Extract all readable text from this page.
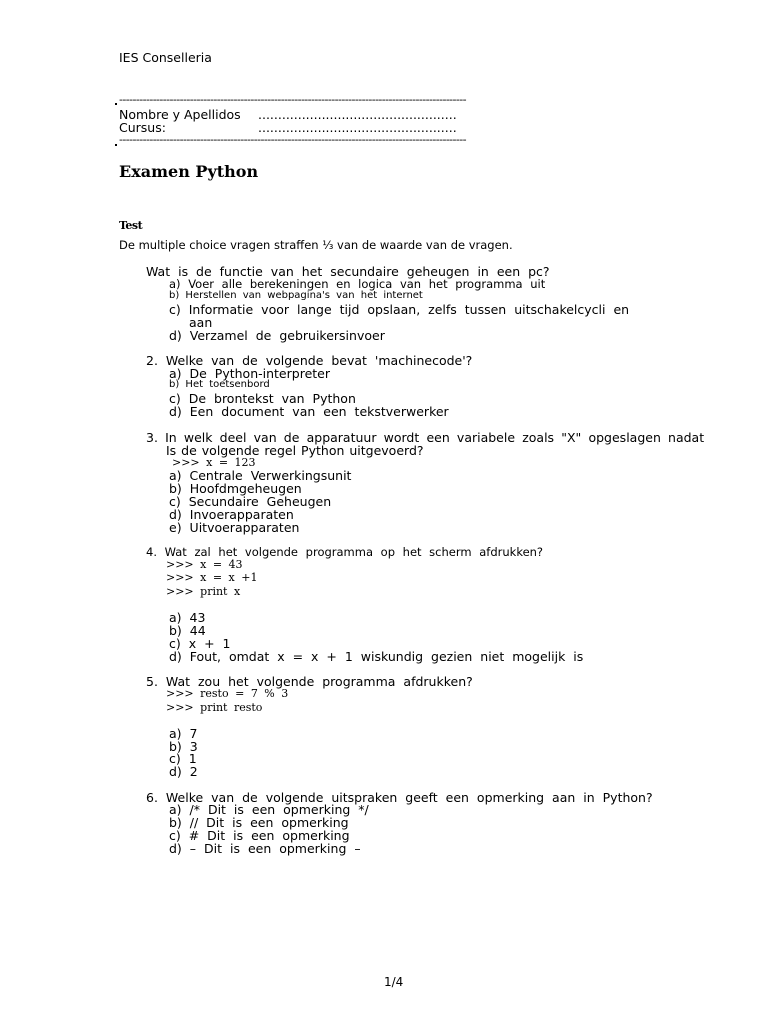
IES Conselleria
-------------------------------------------------------------------------------------------------------
Nombre y Apellidos ..................................................
Cursus:	..................................................
-------------------------------------------------------------------------------------------------------
Examen Python
Test
De multiple choice vragen straffen ⅓ van de waarde van de vragen.
Wat is de functie van het secundaire geheugen in een pc?
a) Voer alle berekeningen en logica van het programma uit
b) Herstellen van webpagina's van het internet
c) Informatie voor lange tijd opslaan, zelfs tussen uitschakelcycli en
aan
d) Verzamel de gebruikersinvoer
2. Welke van de volgende bevat 'machinecode'?
a) De Python-interpreter
b) Het toetsenbord
c) De brontekst van Python
d) Een document van een tekstverwerker
3. In welk deel van de apparatuur wordt een variabele zoals "X" opgeslagen nadat
Is de volgende regel Python uitgevoerd?
>>> x = 123
a) Centrale Verwerkingsunit
b) Hoofdmgeheugen
c) Secundaire Geheugen
d) Invoerapparaten
e) Uitvoerapparaten
4. Wat zal het volgende programma op het scherm afdrukken?
>>> x = 43
>>> x = x +1
>>> print x
a) 43
b) 44
c) x + 1
d) Fout, omdat x = x + 1 wiskundig gezien niet mogelijk is
5. Wat zou het volgende programma afdrukken?
>>> resto = 7 % 3
>>> print resto
a) 7
b) 3
c) 1
d) 2
6. Welke van de volgende uitspraken geeft een opmerking aan in Python?
a) /* Dit is een opmerking */
b) // Dit is een opmerking
c) # Dit is een opmerking
d) – Dit is een opmerking –
1/4
